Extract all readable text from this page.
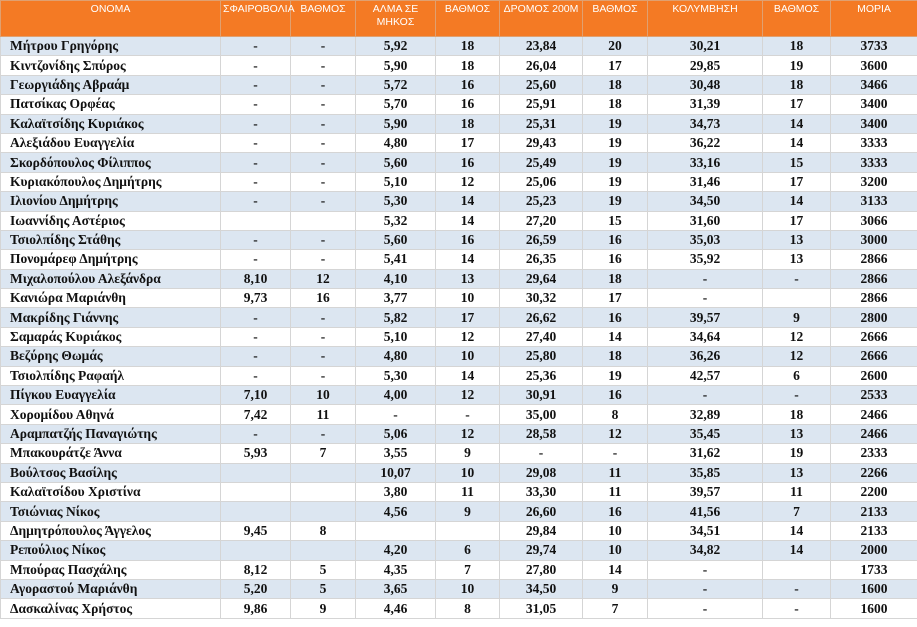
ΟΝΟΜΑ	ΣΦΑΙΡΟΒΟΛΙΑ	ΒΑΘΜΟΣ	ΑΛΜΑ ΣΕ ΜΗΚΟΣ	ΒΑΘΜΟΣ	ΔΡΟΜΟΣ 200Μ	ΒΑΘΜΟΣ	ΚΟΛΥΜΒΗΣΗ	ΒΑΘΜΟΣ	ΜΟΡΙΑ
Μήτρου Γρηγόρης	-	-	5,92	18	23,84	20	30,21	18	3733
Κιντζονίδης Σπύρος	-	-	5,90	18	26,04	17	29,85	19	3600
Γεωργιάδης Αβραάμ	-	-	5,72	16	25,60	18	30,48	18	3466
Πατσίκας Ορφέας	-	-	5,70	16	25,91	18	31,39	17	3400
Καλαϊτσίδης Κυριάκος	-	-	5,90	18	25,31	19	34,73	14	3400
Αλεξιάδου Ευαγγελία	-	-	4,80	17	29,43	19	36,22	14	3333
Σκορδόπουλος Φίλιππος	-	-	5,60	16	25,49	19	33,16	15	3333
Κυριακόπουλος Δημήτρης	-	-	5,10	12	25,06	19	31,46	17	3200
Ιλιονίου Δημήτρης	-	-	5,30	14	25,23	19	34,50	14	3133
Ιωαννίδης Αστέριος			5,32	14	27,20	15	31,60	17	3066
Τσιολπίδης Στάθης	-	-	5,60	16	26,59	16	35,03	13	3000
Πονομάρεφ Δημήτρης	-	-	5,41	14	26,35	16	35,92	13	2866
Μιχαλοπούλου Αλεξάνδρα	8,10	12	4,10	13	29,64	18	-	-	2866
Κανιώρα Μαριάνθη	9,73	16	3,77	10	30,32	17	-		2866
Μακρίδης Γιάννης	-	-	5,82	17	26,62	16	39,57	9	2800
Σαμαράς Κυριάκος	-	-	5,10	12	27,40	14	34,64	12	2666
Βεζύρης Θωμάς	-	-	4,80	10	25,80	18	36,26	12	2666
Τσιολπίδης Ραφαήλ	-	-	5,30	14	25,36	19	42,57	6	2600
Πίγκου Ευαγγελία	7,10	10	4,00	12	30,91	16	-	-	2533
Χορομίδου Αθηνά	7,42	11	-	-	35,00	8	32,89	18	2466
Αραμπατζής Παναγιώτης	-	-	5,06	12	28,58	12	35,45	13	2466
Μπακουράτζε Άννα	5,93	7	3,55	9	-	-	31,62	19	2333
Βούλτσος Βασίλης			10,07	10	29,08	11	35,85	13	2266
Καλαϊτσίδου Χριστίνα			3,80	11	33,30	11	39,57	11	2200
Τσιώνιας Νίκος			4,56	9	26,60	16	41,56	7	2133
Δημητρόπουλος Άγγελος	9,45	8			29,84	10	34,51	14	2133
Ρεπούλιος Νίκος			4,20	6	29,74	10	34,82	14	2000
Μπούρας Πασχάλης	8,12	5	4,35	7	27,80	14	-		1733
Αγοραστού Μαριάνθη	5,20	5	3,65	10	34,50	9	-	-	1600
Δασκαλίνας Χρήστος	9,86	9	4,46	8	31,05	7	-	-	1600
